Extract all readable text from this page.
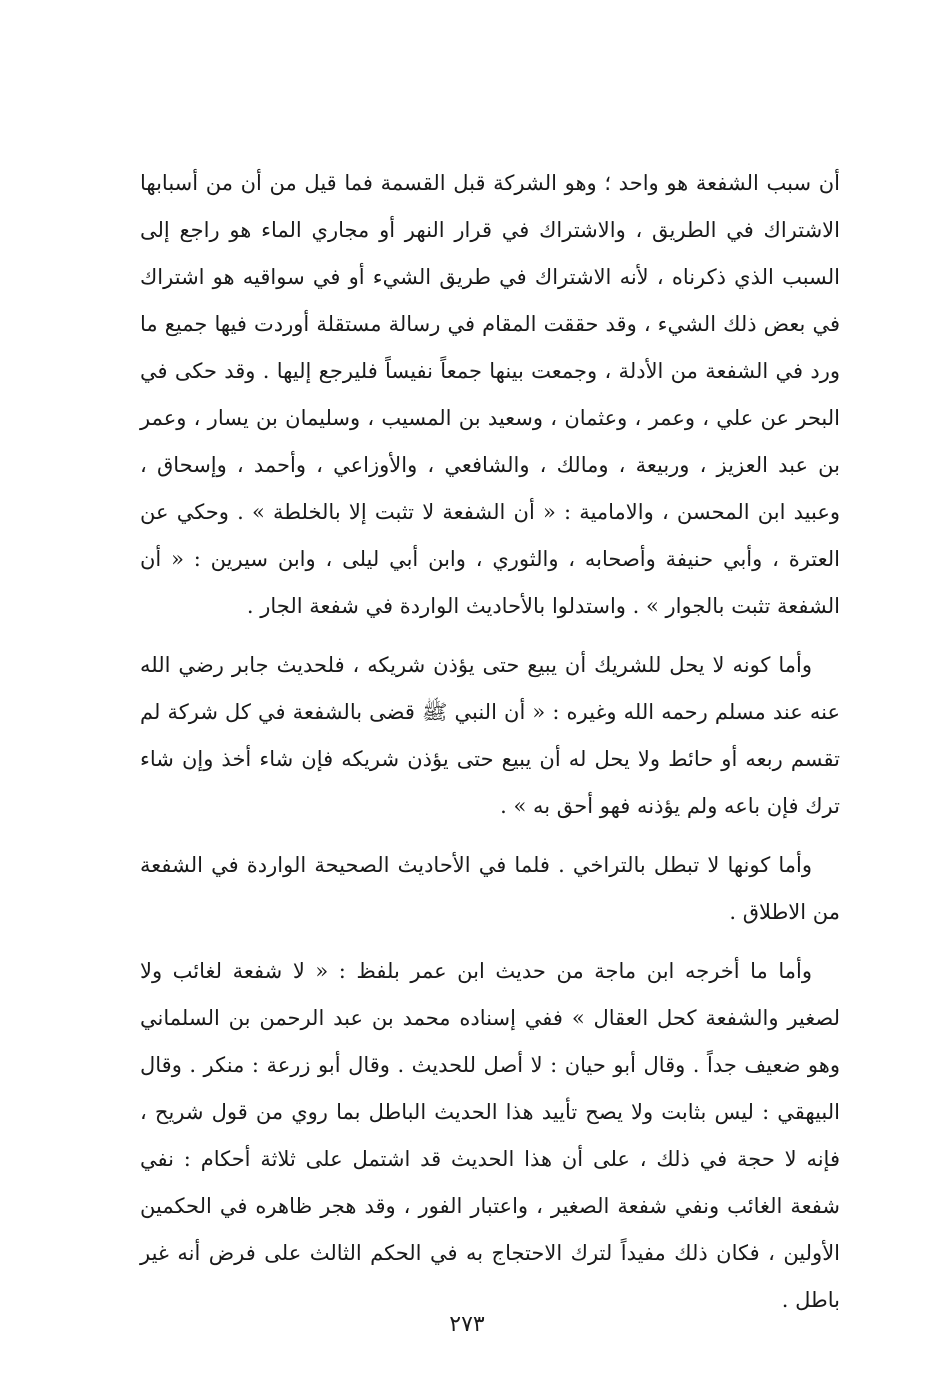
أن سبب الشفعة هو واحد ؛ وهو الشركة قبل القسمة فما قيل من أن من أسبابها الاشتراك في الطريق ، والاشتراك في قرار النهر أو مجاري الماء هو راجع إلى السبب الذي ذكرناه ، لأنه الاشتراك في طريق الشيء أو في سواقيه هو اشتراك في بعض ذلك الشيء ، وقد حققت المقام في رسالة مستقلة أوردت فيها جميع ما ورد في الشفعة من الأدلة ، وجمعت بينها جمعاً نفيساً فليرجع إليها . وقد حكى في البحر عن علي ، وعمر ، وعثمان ، وسعيد بن المسيب ، وسليمان بن يسار ، وعمر بن عبد العزيز ، وربيعة ، ومالك ، والشافعي ، والأوزاعي ، وأحمد ، وإسحاق ، وعبيد ابن المحسن ، والامامية : « أن الشفعة لا تثبت إلا بالخلطة » . وحكي عن العترة ، وأبي حنيفة وأصحابه ، والثوري ، وابن أبي ليلى ، وابن سيرين : « أن الشفعة تثبت بالجوار » . واستدلوا بالأحاديث الواردة في شفعة الجار .

وأما كونه لا يحل للشريك أن يبيع حتى يؤذن شريكه ، فلحديث جابر رضي الله عنه عند مسلم رحمه الله وغيره : « أن النبي ﷺ قضى بالشفعة في كل شركة لم تقسم ربعه أو حائط ولا يحل له أن يبيع حتى يؤذن شريكه فإن شاء أخذ وإن شاء ترك فإن باعه ولم يؤذنه فهو أحق به » .

وأما كونها لا تبطل بالتراخي . فلما في الأحاديث الصحيحة الواردة في الشفعة من الاطلاق .

وأما ما أخرجه ابن ماجة من حديث ابن عمر بلفظ : « لا شفعة لغائب ولا لصغير والشفعة كحل العقال » ففي إسناده محمد بن عبد الرحمن بن السلماني وهو ضعيف جداً . وقال أبو حيان : لا أصل للحديث . وقال أبو زرعة : منكر . وقال البيهقي : ليس بثابت ولا يصح تأييد هذا الحديث الباطل بما روي من قول شريح ، فإنه لا حجة في ذلك ، على أن هذا الحديث قد اشتمل على ثلاثة أحكام : نفي شفعة الغائب ونفي شفعة الصغير ، واعتبار الفور ، وقد هجر ظاهره في الحكمين الأولين ، فكان ذلك مفيداً لترك الاحتجاج به في الحكم الثالث على فرض أنه غير باطل .

٢٧٣
